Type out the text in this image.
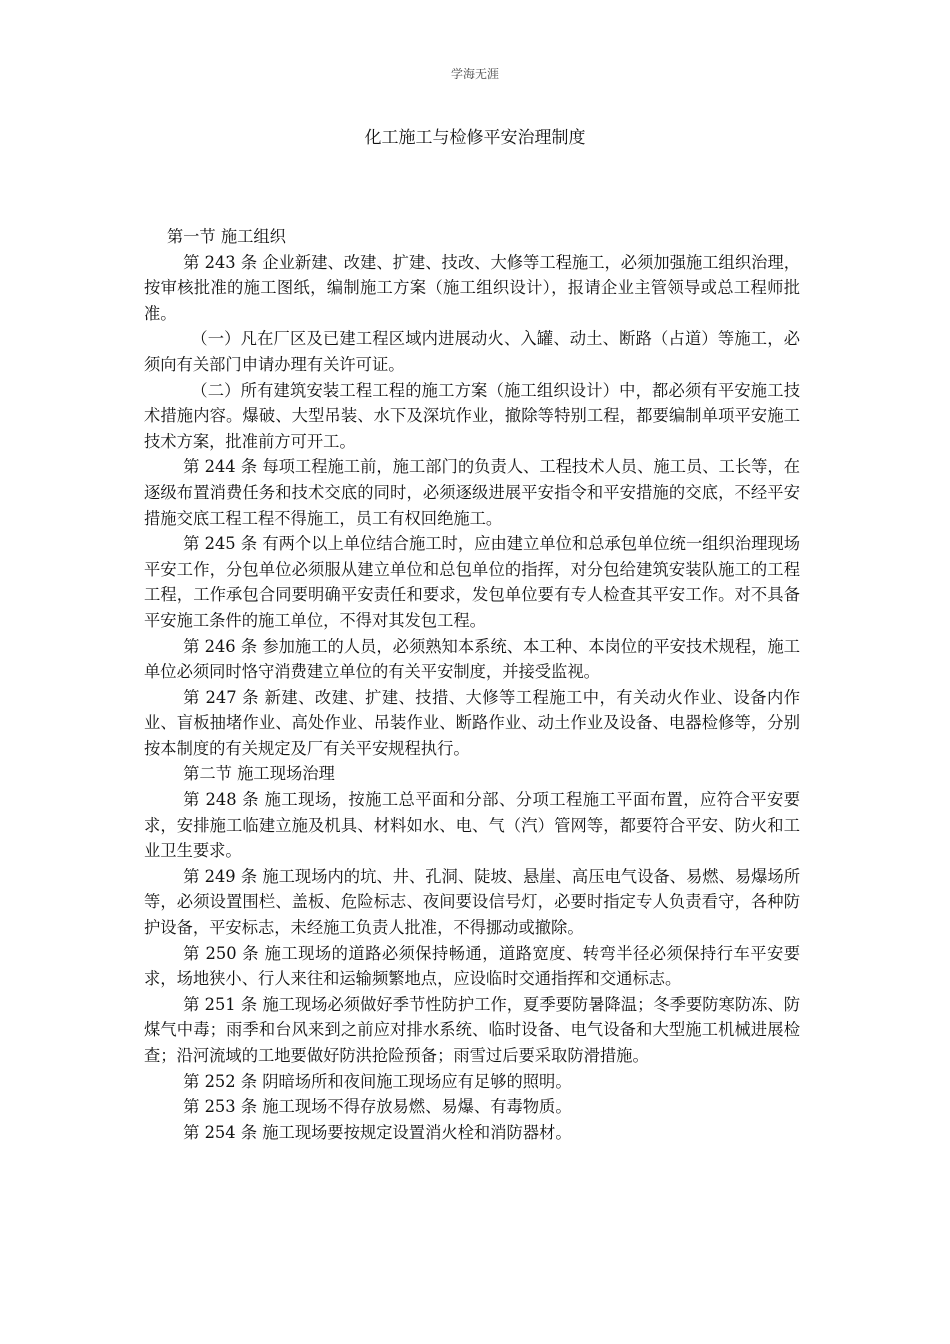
学海无涯
化工施工与检修平安治理制度

第一节 施工组织

第 243 条 企业新建、改建、扩建、技改、大修等工程施工，必须加强施工组织治理，按审核批准的施工图纸，编制施工方案（施工组织设计），报请企业主管领导或总工程师批准。

（一）凡在厂区及已建工程区域内进展动火、入罐、动土、断路（占道）等施工，必须向有关部门申请办理有关许可证。

（二）所有建筑安装工程工程的施工方案（施工组织设计）中，都必须有平安施工技术措施内容。爆破、大型吊装、水下及深坑作业，撤除等特别工程，都要编制单项平安施工技术方案，批准前方可开工。

第 244 条 每项工程施工前，施工部门的负责人、工程技术人员、施工员、工长等，在逐级布置消费任务和技术交底的同时，必须逐级进展平安指令和平安措施的交底，不经平安措施交底工程工程不得施工，员工有权回绝施工。

第 245 条 有两个以上单位结合施工时，应由建立单位和总承包单位统一组织治理现场平安工作，分包单位必须服从建立单位和总包单位的指挥，对分包给建筑安装队施工的工程工程，工作承包合同要明确平安责任和要求，发包单位要有专人检查其平安工作。对不具备平安施工条件的施工单位，不得对其发包工程。

第 246 条 参加施工的人员，必须熟知本系统、本工种、本岗位的平安技术规程，施工单位必须同时恪守消费建立单位的有关平安制度，并接受监视。

第 247 条 新建、改建、扩建、技措、大修等工程施工中，有关动火作业、设备内作业、盲板抽堵作业、高处作业、吊装作业、断路作业、动土作业及设备、电器检修等，分别按本制度的有关规定及厂有关平安规程执行。

第二节 施工现场治理

第 248 条 施工现场，按施工总平面和分部、分项工程施工平面布置，应符合平安要求，安排施工临建立施及机具、材料如水、电、气（汽）管网等，都要符合平安、防火和工业卫生要求。

第 249 条 施工现场内的坑、井、孔洞、陡坡、悬崖、高压电气设备、易燃、易爆场所等，必须设置围栏、盖板、危险标志、夜间要设信号灯，必要时指定专人负责看守，各种防护设备，平安标志，未经施工负责人批准，不得挪动或撤除。

第 250 条 施工现场的道路必须保持畅通，道路宽度、转弯半径必须保持行车平安要求，场地狭小、行人来往和运输频繁地点，应设临时交通指挥和交通标志。

第 251 条 施工现场必须做好季节性防护工作，夏季要防暑降温；冬季要防寒防冻、防煤气中毒；雨季和台风来到之前应对排水系统、临时设备、电气设备和大型施工机械进展检查；沿河流域的工地要做好防洪抢险预备；雨雪过后要采取防滑措施。

第 252 条 阴暗场所和夜间施工现场应有足够的照明。

第 253 条 施工现场不得存放易燃、易爆、有毒物质。

第 254 条 施工现场要按规定设置消火栓和消防器材。
